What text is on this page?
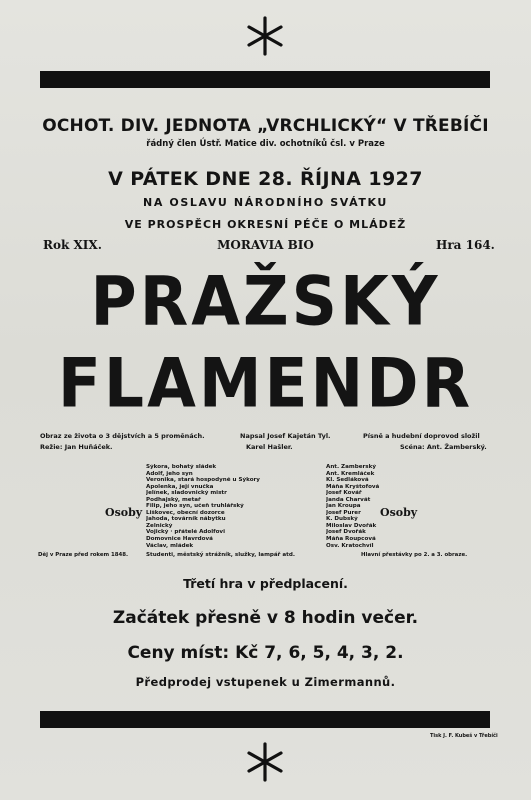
OCHOT. DIV. JEDNOTA „VRCHLICKÝ“ V TŘEBÍČI
řádný člen Ústř. Matice div. ochotníků čsl. v Praze
V PÁTEK DNE 28. ŘÍJNA 1927
NA OSLAVU NÁRODNÍHO SVÁTKU
VE PROSPĚCH OKRESNÍ PÉČE O MLÁDEŽ
Rok XIX.	MORAVIA BIO	Hra 164.
PRAŽSKÝ
FLAMENDR
Obraz ze života o 3 dějstvích a 5 proměnách.	Napsal Josef Kajetán Tyl.	Písně a hudební doprovod složil
Režie: Jan Huňáček.	Karel Hašler.	Scéna: Ant. Žamberský.
Osoby	Osoby
Sýkora, bohatý sládek	Ant. Žamberský
Adolf, jeho syn	Ant. Kremláček
Veronika, stará hospodyně u Sýkory	Kl. Sedláková
Apolenka, její vnučka	Máňa Kryštofová
Jelínek, sladovnický mistr	Josef Kovář
Podhajský, metař	Janda Charvát
Filip, jeho syn, učeň truhlářský	Jan Kroupa
Liškovec, obecní dozorce	Josef Purer
Jahoda, továrník nábytku	K. Dubský
Zelnický	Miloslav Dvořák
Vojický · přátelé Adolfovi	Josef Dvořák
Domovnice Havrdová	Máňa Roupcová
Václav, mládek	Osv. Kratochvíl
Studenti, městský strážník, služky, lampář atd.
Děj v Praze před rokem 1848.	Hlavní přestávky po 2. a 3. obraze.
Třetí hra v předplacení.
Začátek přesně v 8 hodin večer.
Ceny míst: Kč 7, 6, 5, 4, 3, 2.
Předprodej vstupenek u Zimermannů.
Tisk J. F. Kubeš v Třebíči
